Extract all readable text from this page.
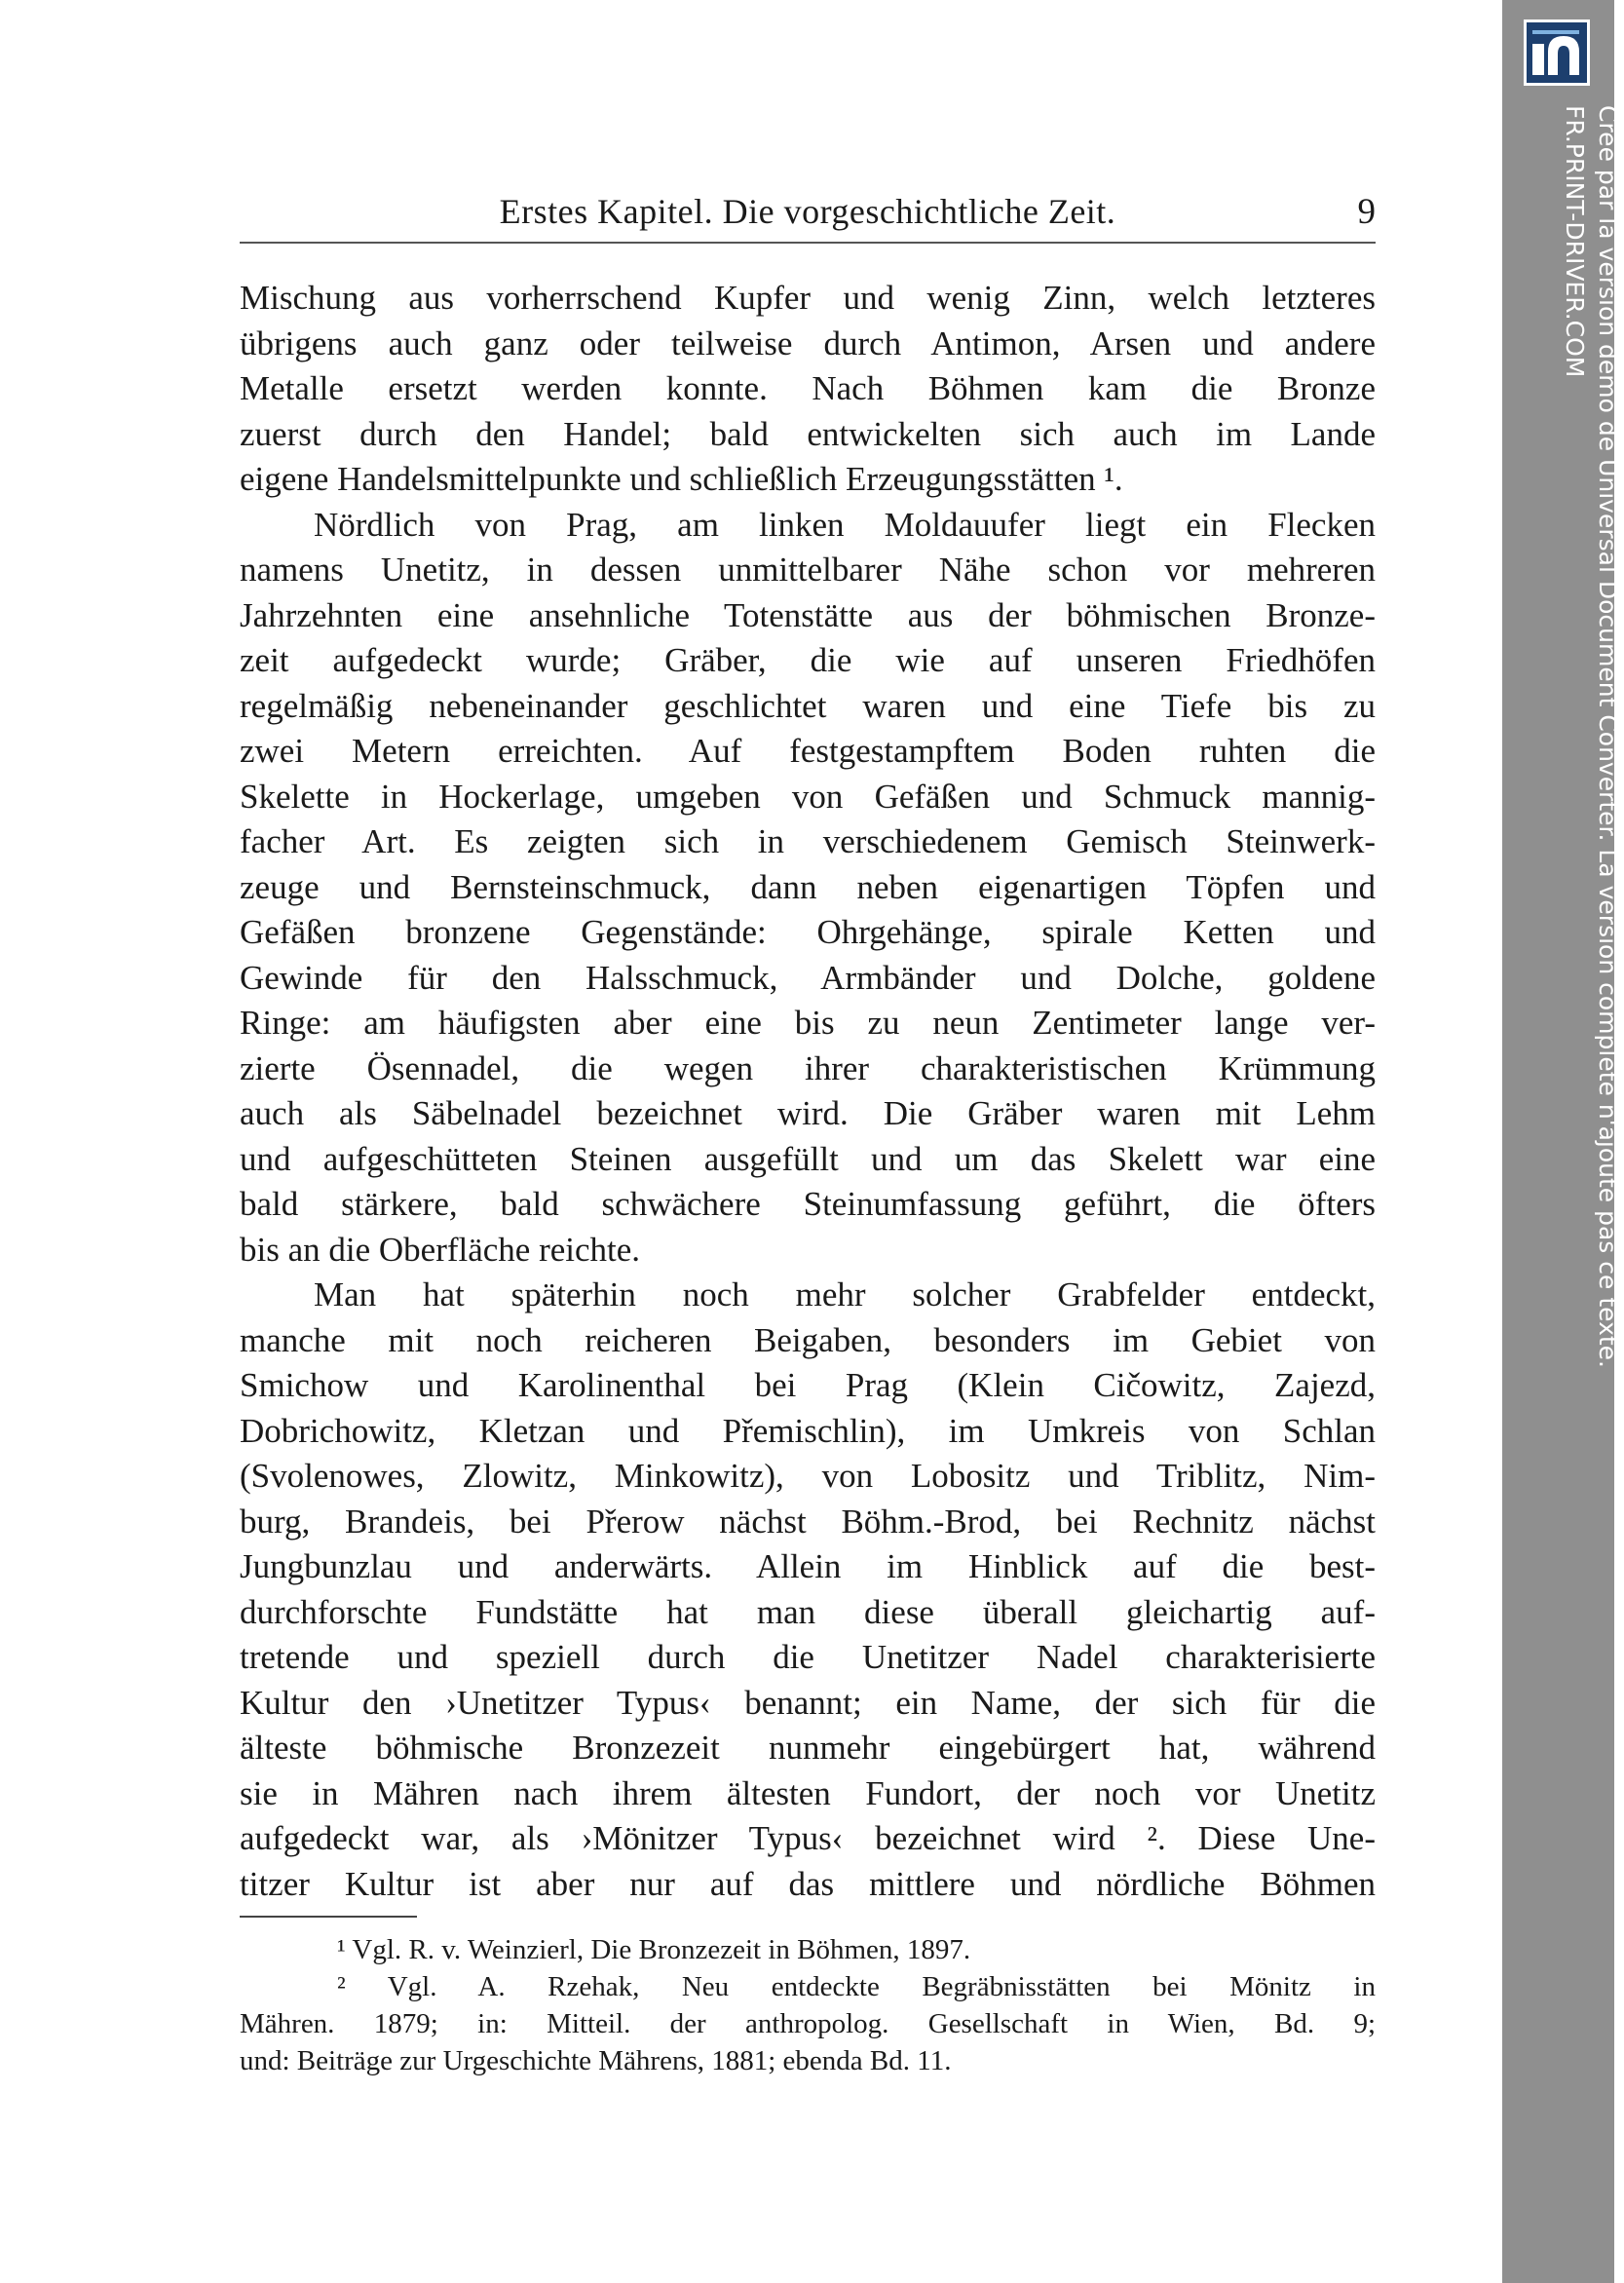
Erstes Kapitel. Die vorgeschichtliche Zeit.	9
Mischung aus vorherrschend Kupfer und wenig Zinn, welch letzteres
übrigens auch ganz oder teilweise durch Antimon, Arsen und andere
Metalle ersetzt werden konnte. Nach Böhmen kam die Bronze
zuerst durch den Handel; bald entwickelten sich auch im Lande
eigene Handelsmittelpunkte und schließlich Erzeugungsstätten ¹.
Nördlich von Prag, am linken Moldauufer liegt ein Flecken
namens Unetitz, in dessen unmittelbarer Nähe schon vor mehreren
Jahrzehnten eine ansehnliche Totenstätte aus der böhmischen Bronze-
zeit aufgedeckt wurde; Gräber, die wie auf unseren Friedhöfen
regelmäßig nebeneinander geschlichtet waren und eine Tiefe bis zu
zwei Metern erreichten. Auf festgestampftem Boden ruhten die
Skelette in Hockerlage, umgeben von Gefäßen und Schmuck mannig-
facher Art. Es zeigten sich in verschiedenem Gemisch Steinwerk-
zeuge und Bernsteinschmuck, dann neben eigenartigen Töpfen und
Gefäßen bronzene Gegenstände: Ohrgehänge, spirale Ketten und
Gewinde für den Halsschmuck, Armbänder und Dolche, goldene
Ringe: am häufigsten aber eine bis zu neun Zentimeter lange ver-
zierte Ösennadel, die wegen ihrer charakteristischen Krümmung
auch als Säbelnadel bezeichnet wird. Die Gräber waren mit Lehm
und aufgeschütteten Steinen ausgefüllt und um das Skelett war eine
bald stärkere, bald schwächere Steinumfassung geführt, die öfters
bis an die Oberfläche reichte.
Man hat späterhin noch mehr solcher Grabfelder entdeckt,
manche mit noch reicheren Beigaben, besonders im Gebiet von
Smichow und Karolinenthal bei Prag (Klein Cičowitz, Zajezd,
Dobrichowitz, Kletzan und Přemischlin), im Umkreis von Schlan
(Svolenowes, Zlowitz, Minkowitz), von Lobositz und Triblitz, Nim-
burg, Brandeis, bei Přerow nächst Böhm.-Brod, bei Rechnitz nächst
Jungbunzlau und anderwärts. Allein im Hinblick auf die best-
durchforschte Fundstätte hat man diese überall gleichartig auf-
tretende und speziell durch die Unetitzer Nadel charakterisierte
Kultur den ›Unetitzer Typus‹ benannt; ein Name, der sich für die
älteste böhmische Bronzezeit nunmehr eingebürgert hat, während
sie in Mähren nach ihrem ältesten Fundort, der noch vor Unetitz
aufgedeckt war, als ›Mönitzer Typus‹ bezeichnet wird ². Diese Une-
titzer Kultur ist aber nur auf das mittlere und nördliche Böhmen
¹ Vgl. R. v. Weinzierl, Die Bronzezeit in Böhmen, 1897.
² Vgl. A. Rzehak, Neu entdeckte Begräbnisstätten bei Mönitz in
Mähren. 1879; in: Mitteil. der anthropolog. Gesellschaft in Wien, Bd. 9;
und: Beiträge zur Urgeschichte Mährens, 1881; ebenda Bd. 11.
Créé par la version démo de Universal Document Converter. La version complète n'ajoute pas ce texte.
FR.PRINT-DRIVER.COM
